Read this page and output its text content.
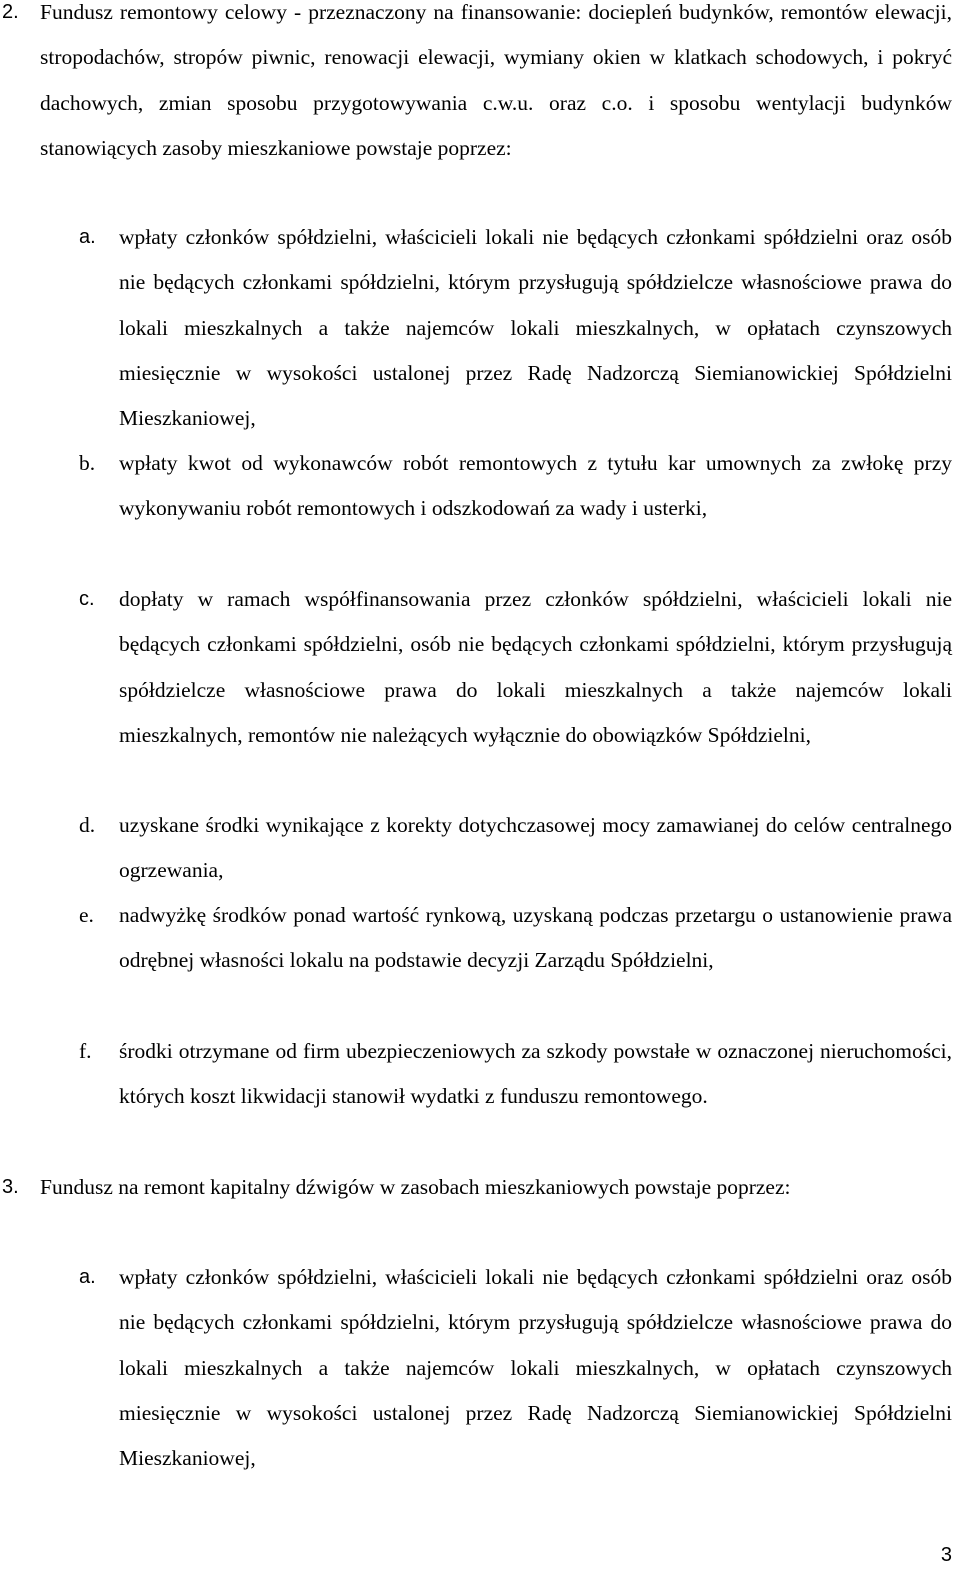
2. Fundusz remontowy celowy - przeznaczony na finansowanie: dociepleń budynków, remontów elewacji, stropodachów, stropów piwnic, renowacji elewacji, wymiany okien w klatkach schodowych, i pokryć dachowych, zmian sposobu przygotowywania c.w.u. oraz c.o. i sposobu wentylacji budynków stanowiących zasoby mieszkaniowe powstaje poprzez:
a. wpłaty członków spółdzielni, właścicieli lokali nie będących członkami spółdzielni oraz osób nie będących członkami spółdzielni, którym przysługują spółdzielcze własnościowe prawa do lokali mieszkalnych a także najemców lokali mieszkalnych, w opłatach czynszowych miesięcznie w wysokości ustalonej przez Radę Nadzorczą Siemianowickiej Spółdzielni Mieszkaniowej,
b. wpłaty kwot od wykonawców robót remontowych z tytułu kar umownych za zwłokę przy wykonywaniu robót remontowych i odszkodowań za wady i usterki,
c. dopłaty w ramach współfinansowania przez członków spółdzielni, właścicieli lokali nie będących członkami spółdzielni, osób nie będących członkami spółdzielni, którym przysługują spółdzielcze własnościowe prawa do lokali mieszkalnych a także najemców lokali mieszkalnych, remontów nie należących wyłącznie do obowiązków Spółdzielni,
d. uzyskane środki wynikające z korekty dotychczasowej mocy zamawianej do celów centralnego ogrzewania,
e. nadwyżkę środków ponad wartość rynkową, uzyskaną podczas przetargu o ustanowienie prawa odrębnej własności lokalu na podstawie decyzji Zarządu Spółdzielni,
f. środki otrzymane od firm ubezpieczeniowych za szkody powstałe w oznaczonej nieruchomości, których koszt likwidacji stanowił wydatki z funduszu remontowego.
3. Fundusz na remont kapitalny dźwigów w zasobach mieszkaniowych powstaje poprzez:
a. wpłaty członków spółdzielni, właścicieli lokali nie będących członkami spółdzielni oraz osób nie będących członkami spółdzielni, którym przysługują spółdzielcze własnościowe prawa do lokali mieszkalnych a także najemców lokali mieszkalnych, w opłatach czynszowych miesięcznie w wysokości ustalonej przez Radę Nadzorczą Siemianowickiej Spółdzielni Mieszkaniowej,
3
